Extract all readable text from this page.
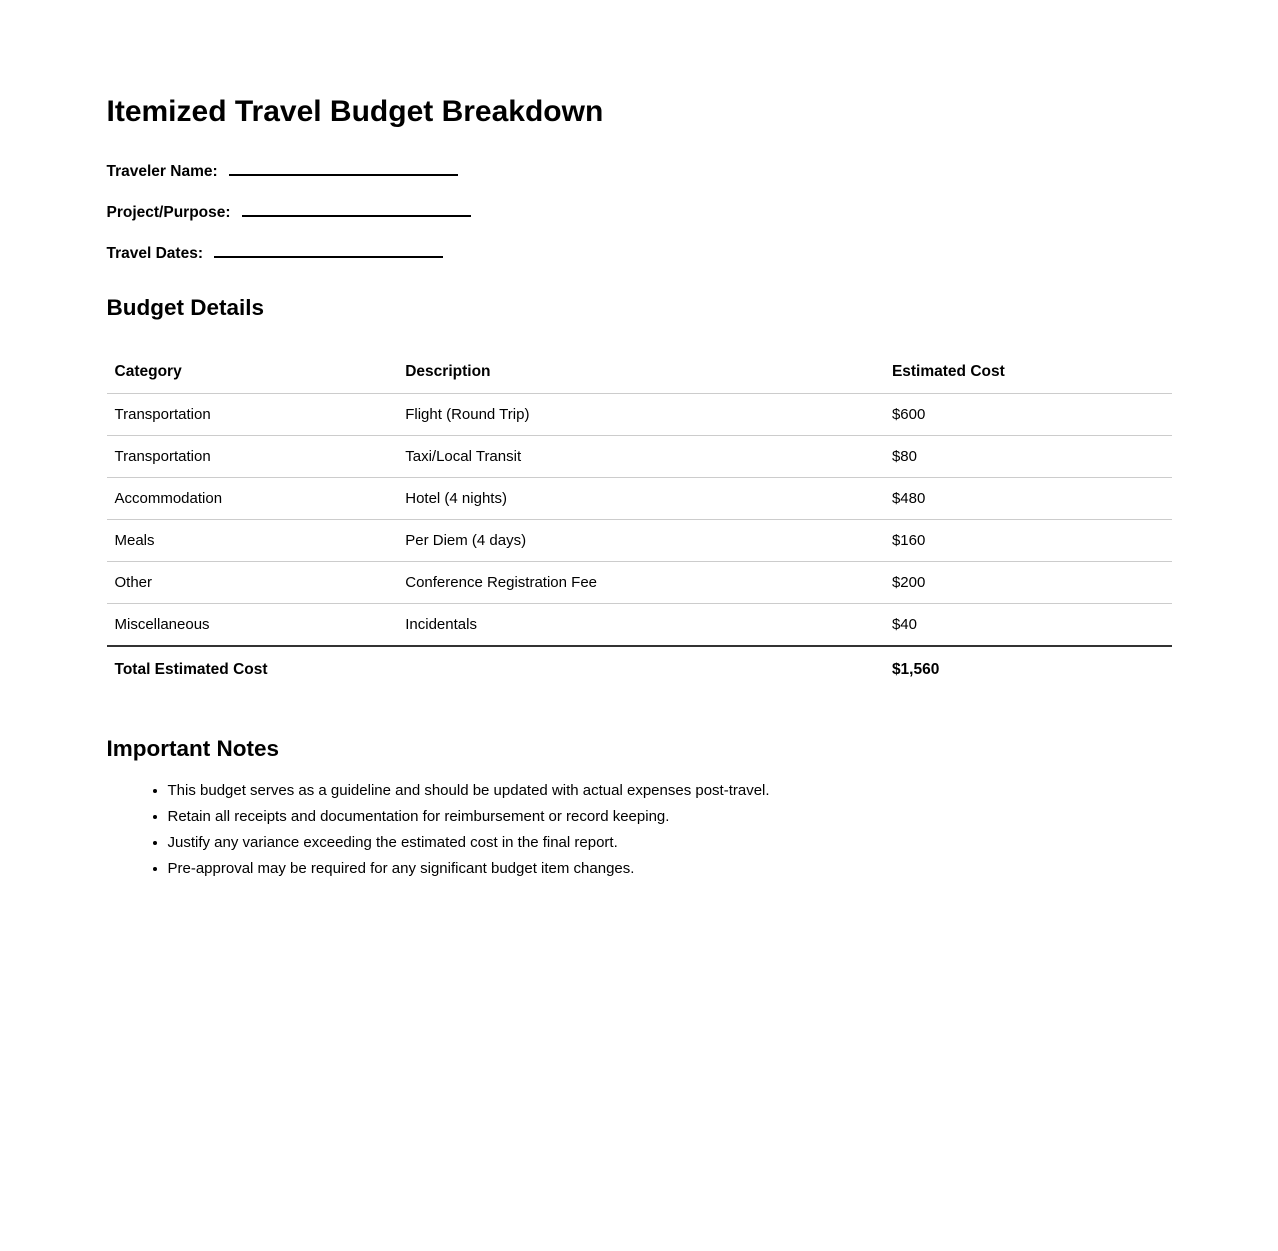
Itemized Travel Budget Breakdown

Traveler Name:

Project/Purpose:

Travel Dates:

Budget Details
Category	Description	Estimated Cost
Transportation	Flight (Round Trip)	$600
Transportation	Taxi/Local Transit	$80
Accommodation	Hotel (4 nights)	$480
Meals	Per Diem (4 days)	$160
Other	Conference Registration Fee	$200
Miscellaneous	Incidentals	$40
Total Estimated Cost		$1,560
Important Notes
• This budget serves as a guideline and should be updated with actual expenses post-travel.
• Retain all receipts and documentation for reimbursement or record keeping.
• Justify any variance exceeding the estimated cost in the final report.
• Pre-approval may be required for any significant budget item changes.
